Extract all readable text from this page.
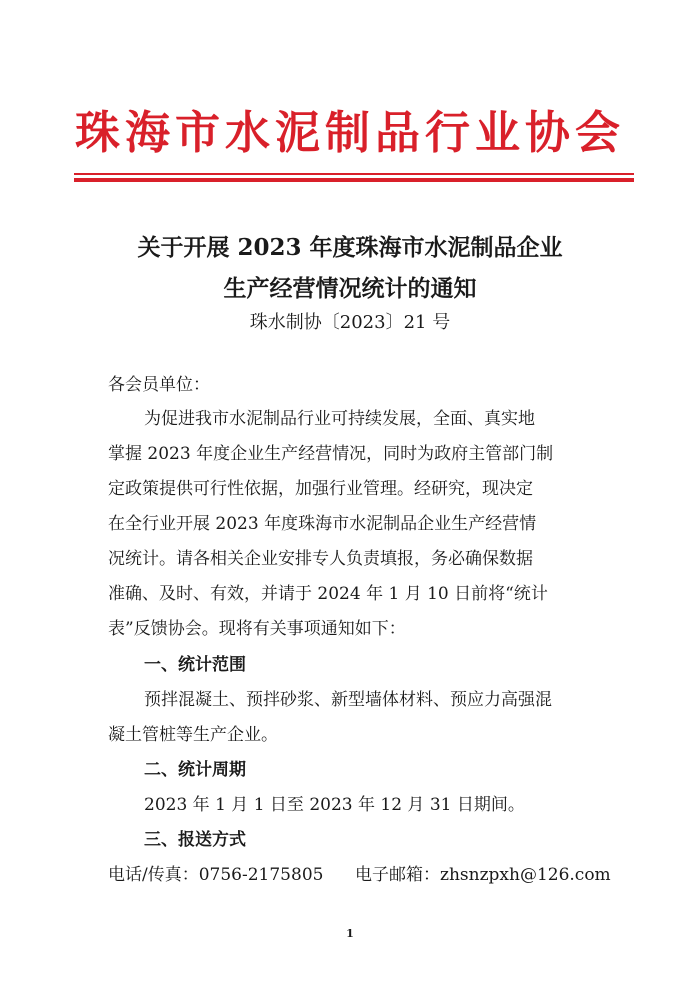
珠海市水泥制品行业协会
关于开展 2023 年度珠海市水泥制品企业
生产经营情况统计的通知
珠水制协〔2023〕21 号
各会员单位：
为促进我市水泥制品行业可持续发展，全面、真实地
掌握 2023 年度企业生产经营情况，同时为政府主管部门制
定政策提供可行性依据，加强行业管理。经研究，现决定
在全行业开展 2023 年度珠海市水泥制品企业生产经营情
况统计。请各相关企业安排专人负责填报，务必确保数据
准确、及时、有效，并请于 2024 年 1 月 10 日前将“统计
表”反馈协会。现将有关事项通知如下：
一、统计范围
预拌混凝土、预拌砂浆、新型墙体材料、预应力高强混
凝土管桩等生产企业。
二、统计周期
2023 年 1 月 1 日至 2023 年 12 月 31 日期间。
三、报送方式
电话/传真：0756-2175805 电子邮箱：zhsnzpxh@126.com
1
